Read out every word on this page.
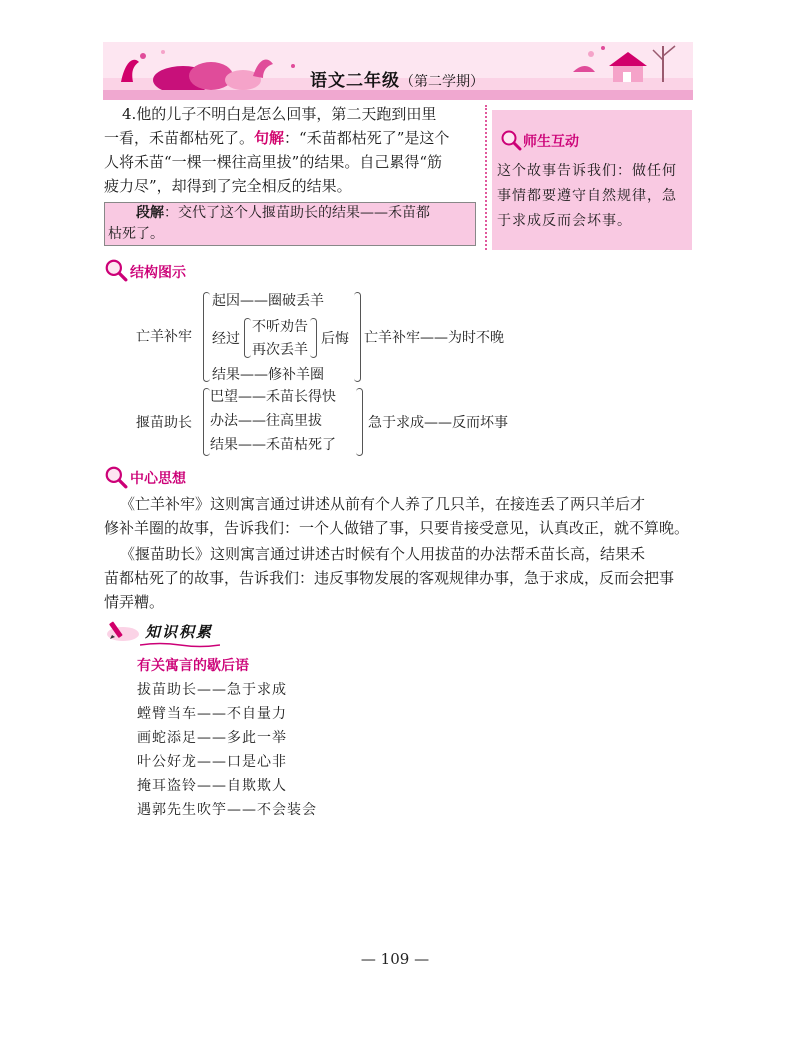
语文二年级（第二学期）

4.他的儿子不明白是怎么回事，第二天跑到田里

一看，禾苗都枯死了。句解：“禾苗都枯死了”是这个

人将禾苗“一棵一棵往高里拔”的结果。自己累得“筋

疲力尽”，却得到了完全相反的结果。

段解：交代了这个人揠苗助长的结果——禾苗都
枯死了。
师生互动
这个故事告诉我们：做任何
事情都要遵守自然规律，急
于求成反而会坏事。
结构图示
亡羊补牢
起因——圈破丢羊
经过
不听劝告
再次丢羊
后悔
结果——修补羊圈
亡羊补牢——为时不晚
揠苗助长
巴望——禾苗长得快
办法——往高里拔
结果——禾苗枯死了
急于求成——反而坏事
中心思想

《亡羊补牢》这则寓言通过讲述从前有个人养了几只羊，在接连丢了两只羊后才

修补羊圈的故事，告诉我们：一个人做错了事，只要肯接受意见，认真改正，就不算晚。

《揠苗助长》这则寓言通过讲述古时候有个人用拔苗的办法帮禾苗长高，结果禾

苗都枯死了的故事，告诉我们：违反事物发展的客观规律办事，急于求成，反而会把事

情弄糟。

知识积累
有关寓言的歇后语
拔苗助长——急于求成
螳臂当车——不自量力
画蛇添足——多此一举
叶公好龙——口是心非
掩耳盗铃——自欺欺人
遇郭先生吹竽——不会装会
— 109 —
